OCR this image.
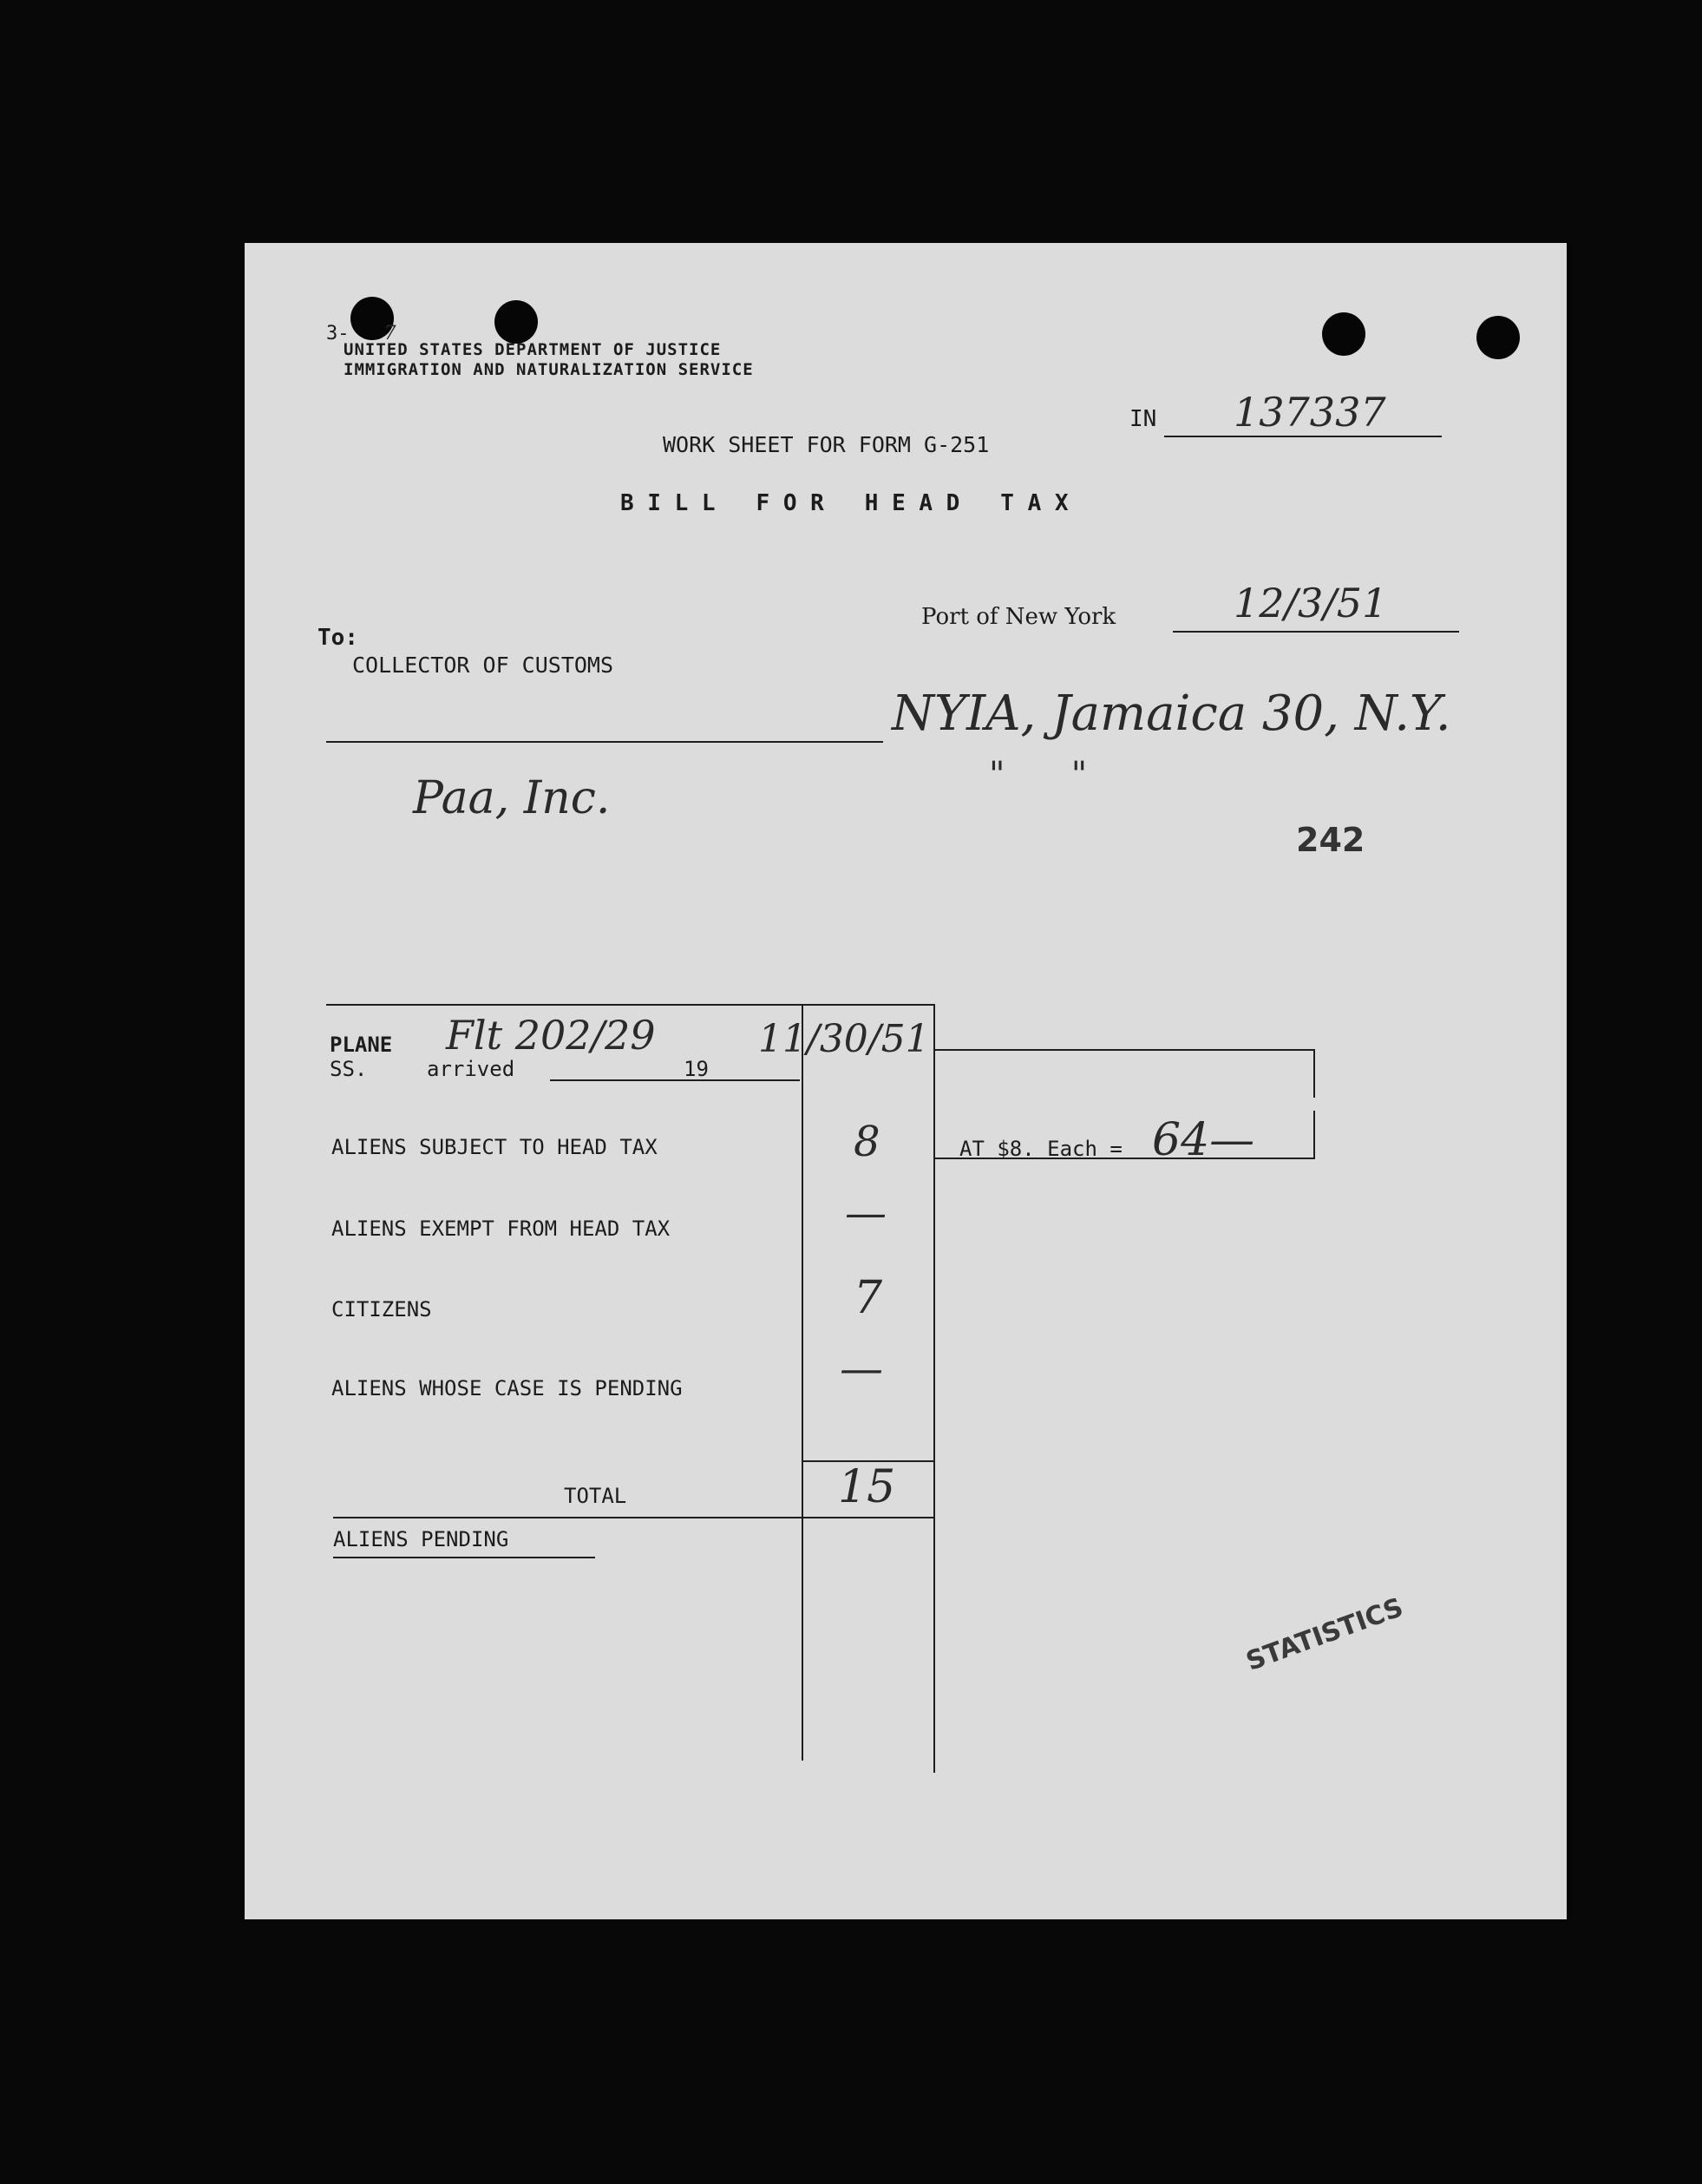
3- 7
UNITED STATES DEPARTMENT OF JUSTICE
IMMIGRATION AND NATURALIZATION SERVICE
IN 137337
WORK SHEET FOR FORM G-251
B I L L   F O R   H E A D   T A X
Port of New York	12/3/51
To:
COLLECTOR OF CUSTOMS
NYIA, Jamaica 30, N.Y.
"      "
Paa, Inc.
242
PLANE
SS.	arrived
Flt 202/29	11/30/51
19
ALIENS SUBJECT TO HEAD TAX	8	AT $8. Each = 64—
ALIENS EXEMPT FROM HEAD TAX	—
CITIZENS	7
ALIENS WHOSE CASE IS PENDING	—
TOTAL	15
ALIENS PENDING
STATISTICS
